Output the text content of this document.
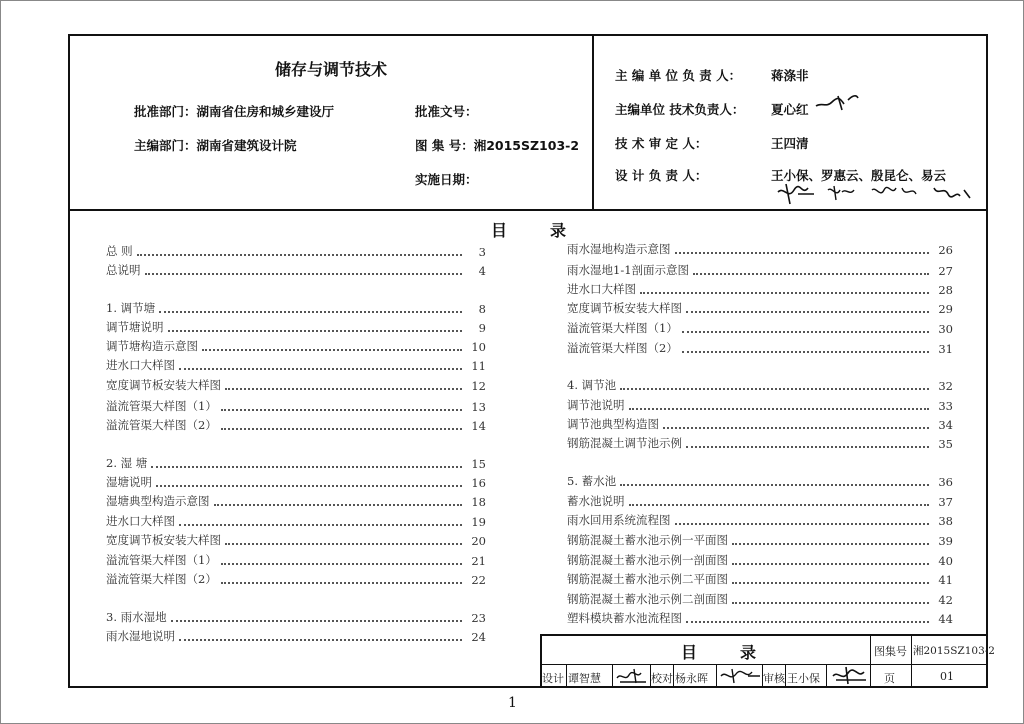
储存与调节技术
批准部门：湖南省住房和城乡建设厅	批准文号：
主编部门：湖南省建筑设计院	图 集 号：湘2015SZ103-2
实施日期：
主 编 单 位 负 责 人： 蒋涤非
主编单位 技术负责人： 夏心红
技 术 审 定 人：	王四清
设 计 负 责 人：	王小保、罗惠云、殷昆仑、易云
目	录
总 则	3
总说明	4
1. 调节塘	8
调节塘说明	9
调节塘构造示意图	10
进水口大样图	11
宽度调节板安装大样图	12
溢流管渠大样图（1）	13
溢流管渠大样图（2）	14
2. 湿 塘	15
湿塘说明	16
湿塘典型构造示意图	18
进水口大样图	19
宽度调节板安装大样图	20
溢流管渠大样图（1）	21
溢流管渠大样图（2）	22
3. 雨水湿地	23
雨水湿地说明	24
雨水湿地构造示意图	26
雨水湿地1-1剖面示意图	27
进水口大样图	28
宽度调节板安装大样图	29
溢流管渠大样图（1）	30
溢流管渠大样图（2）	31
4. 调节池	32
调节池说明	33
调节池典型构造图	34
钢筋混凝土调节池示例	35
5. 蓄水池	36
蓄水池说明	37
雨水回用系统流程图	38
钢筋混凝土蓄水池示例一平面图	39
钢筋混凝土蓄水池示例一剖面图	40
钢筋混凝土蓄水池示例二平面图	41
钢筋混凝土蓄水池示例二剖面图	42
塑料模块蓄水池流程图	44
目	录	图集号 湘2015SZ103-2
设计 谭智慧	校对 杨永晖	审核 王小保	页	01
1
